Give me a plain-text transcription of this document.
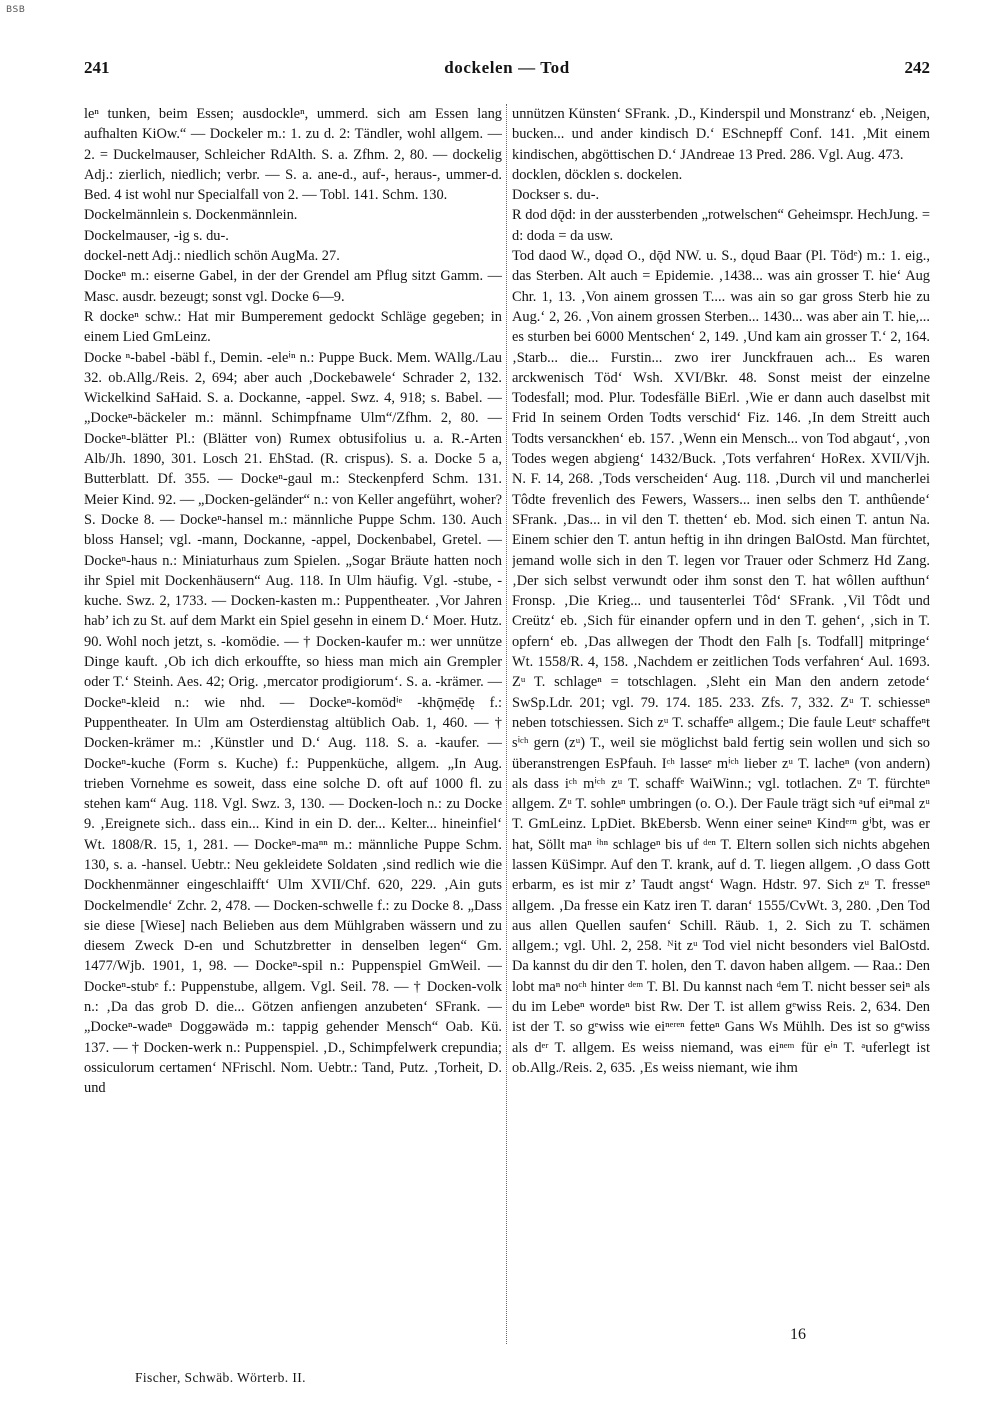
BSB
241	dockelen — Tod	242

leⁿ tunken, beim Essen; ausdockleⁿ, ummerd. sich am Essen lang aufhalten KiOw.“ — Dockeler m.: 1. zu d. 2: Tändler, wohl allgem. — 2. = Duckelmauser, Schleicher RdAlth. S. a. Zfhm. 2, 80. — dockelig Adj.: zierlich, niedlich; verbr. — S. a. ane-d., auf-, heraus-, ummer-d. Bed. 4 ist wohl nur Specialfall von 2. — Tobl. 141. Schm. 130.

Dockelmännlein s. Dockenmännlein.

Dockelmauser, -ig s. du-.

dockel-nett Adj.: niedlich schön AugMa. 27.

Dockeⁿ m.: eiserne Gabel, in der der Grendel am Pflug sitzt Gamm. — Masc. ausdr. bezeugt; sonst vgl. Docke 6—9.

R dockeⁿ schw.: Hat mir Bumperement gedockt Schläge gegeben; in einem Lied GmLeinz.

Docke ⁿ-babel -bäbl f., Demin. -eleⁱⁿ n.: Puppe Buck. Mem. WAllg./Lau 32. ob.Allg./Reis. 2, 694; aber auch ‚Dockebawele‘ Schrader 2, 132. Wickelkind SaHaid. S. a. Dockanne, -appel. Swz. 4, 918; s. Babel. — „Dockeⁿ-bäckeler m.: männl. Schimpfname Ulm“/Zfhm. 2, 80. — Dockeⁿ-blätter Pl.: (Blätter von) Rumex obtusifolius u. a. R.-Arten Alb/Jh. 1890, 301. Losch 21. EhStad. (R. crispus). S. a. Docke 5 a, Butterblatt. Df. 355. — Dockeⁿ-gaul m.: Steckenpferd Schm. 131. Meier Kind. 92. — „Docken-geländer“ n.: von Keller angeführt, woher? S. Docke 8. — Dockeⁿ-hansel m.: männliche Puppe Schm. 130. Auch bloss Hansel; vgl. -mann, Dockanne, -appel, Dockenbabel, Gretel. — Dockeⁿ-haus n.: Miniaturhaus zum Spielen. „Sogar Bräute hatten noch ihr Spiel mit Dockenhäusern“ Aug. 118. In Ulm häufig. Vgl. -stube, -kuche. Swz. 2, 1733. — Docken-kasten m.: Puppentheater. ‚Vor Jahren hab’ ich zu St. auf dem Markt ein Spiel gesehn in einem D.‘ Moer. Hutz. 90. Wohl noch jetzt, s. -komödie. — † Docken-kaufer m.: wer unnütze Dinge kauft. ‚Ob ich dich erkouffte, so hiess man mich ain Grempler oder T.‘ Steinh. Aes. 42; Orig. ‚mercator prodigiorum‘. S. a. -krämer. — Dockeⁿ-kleid n.: wie nhd. — Dockeⁿ-komödⁱᵉ -khǭmẹ̄dẹ f.: Puppentheater. In Ulm am Osterdienstag altüblich Oab. 1, 460. — † Docken-krämer m.: ‚Künstler und D.‘ Aug. 118. S. a. -kaufer. — Dockeⁿ-kuche (Form s. Kuche) f.: Puppenküche, allgem. „In Aug. trieben Vornehme es soweit, dass eine solche D. oft auf 1000 fl. zu stehen kam“ Aug. 118. Vgl. Swz. 3, 130. — Docken-loch n.: zu Docke 9. ‚Ereignete sich.. dass ein... Kind in ein D. der... Kelter... hineinfiel‘ Wt. 1808/R. 15, 1, 281. — Dockeⁿ-maⁿⁿ m.: männliche Puppe Schm. 130, s. a. -hansel. Uebtr.: Neu gekleidete Soldaten ‚sind redlich wie die Dockhenmänner eingeschlaifft‘ Ulm XVII/Chf. 620, 229. ‚Ain guts Dockelmendle‘ Zchr. 2, 478. — Docken-schwelle f.: zu Docke 8. „Dass sie diese [Wiese] nach Belieben aus dem Mühlgraben wässern und zu diesem Zweck D-en und Schutzbretter in denselben legen“ Gm. 1477/Wjb. 1901, 1, 98. — Dockeⁿ-spil n.: Puppenspiel GmWeil. — Dockeⁿ-stubᵉ f.: Puppenstube, allgem. Vgl. Seil. 78. — † Docken-volk n.: ‚Da das grob D. die... Götzen anfiengen anzubeten‘ SFrank. — „Dockeⁿ-wadeⁿ Doggəwädə m.: tappig gehender Mensch“ Oab. Kü. 137. — † Docken-werk n.: Puppenspiel. ‚D., Schimpfelwerk crepundia; ossiculorum certamen‘ NFrischl. Nom. Uebtr.: Tand, Putz. ‚Torheit, D. und

unnützen Künsten‘ SFrank. ‚D., Kinderspil und Monstranz‘ eb. ‚Neigen, bucken... und ander kindisch D.‘ ESchnepff Conf. 141. ‚Mit einem kindischen, abgöttischen D.‘ JAndreae 13 Pred. 286. Vgl. Aug. 473.

docklen, döcklen s. dockelen.

Dockser s. du-.

R dod dǭd: in der aussterbenden „rotwelschen“ Geheimspr. HechJung. = d: doda = da usw.

Tod daod W., dǫəd O., dǭd NW. u. S., dǫud Baar (Pl. Tödᵉ) m.: 1. eig., das Sterben. Alt auch = Epidemie. ‚1438... was ain grosser T. hie‘ Aug Chr. 1, 13. ‚Von ainem grossen T.... was ain so gar gross Sterb hie zu Aug.‘ 2, 26. ‚Von ainem grossen Sterben... 1430... was aber ain T. hie,... es sturben bei 6000 Mentschen‘ 2, 149. ‚Und kam ain grosser T.‘ 2, 164. ‚Starb... die... Furstin... zwo irer Junckfrauen ach... Es waren arckwenisch Töd‘ Wsh. XVI/Bkr. 48. Sonst meist der einzelne Todesfall; mod. Plur. Todesfälle BiErl. ‚Wie er dann auch daselbst mit Frid In seinem Orden Todts verschid‘ Fiz. 146. ‚In dem Streitt auch Todts versanckhen‘ eb. 157. ‚Wenn ein Mensch... von Tod abgaut‘, ‚von Todes wegen abgieng‘ 1432/Buck. ‚Tots verfahren‘ HoRex. XVII/Vjh. N. F. 14, 268. ‚Tods verscheiden‘ Aug. 118. ‚Durch vil und mancherlei Tôdte frevenlich des Fewers, Wassers... inen selbs den T. anthûende‘ SFrank. ‚Das... in vil den T. thetten‘ eb. Mod. sich einen T. antun Na. Einem schier den T. antun heftig in ihn dringen BalOstd. Man fürchtet, jemand wolle sich in den T. legen vor Trauer oder Schmerz Hd Zang. ‚Der sich selbst verwundt oder ihm sonst den T. hat wôllen aufthun‘ Fronsp. ‚Die Krieg... und tausenterlei Tôd‘ SFrank. ‚Vil Tôdt und Creütz‘ eb. ‚Sich für einander opfern und in den T. gehen‘, ‚sich in T. opfern‘ eb. ‚Das allwegen der Thodt den Falh [s. Todfall] mitpringe‘ Wt. 1558/R. 4, 158. ‚Nachdem er zeitlichen Tods verfahren‘ Aul. 1693. Zᵘ T. schlageⁿ = totschlagen. ‚Sleht ein Man den andern zetode‘ SwSp.Ldr. 201; vgl. 79. 174. 185. 233. Zfs. 7, 332. Zᵘ T. schiesseⁿ neben totschiessen. Sich zᵘ T. schaffeⁿ allgem.; Die faule Leutᵉ schaffeⁿt sⁱᶜʰ gern (zᵘ) T., weil sie möglichst bald fertig sein wollen und sich so überanstrengen EsPfauh. Iᶜʰ lasseᵉ mⁱᶜʰ lieber zᵘ T. lacheⁿ (von andern) als dass iᶜʰ mⁱᶜʰ zᵘ T. schaffᵉ WaiWinn.; vgl. totlachen. Zᵘ T. fürchteⁿ allgem. Zᵘ T. sohleⁿ umbringen (o. O.). Der Faule trägt sich ᵃuf eiⁿmal zᵘ T. GmLeinz. LpDiet. BkEbersb. Wenn einer seineⁿ Kindᵉʳⁿ gⁱbt, was er hat, Söllt maⁿ ⁱʰⁿ schlageⁿ bis uf ᵈᵉⁿ T. Eltern sollen sich nichts abgehen lassen KüSimpr. Auf den T. krank, auf d. T. liegen allgem. ‚O dass Gott erbarm, es ist mir z’ Taudt angst‘ Wagn. Hdstr. 97. Sich zᵘ T. fresseⁿ allgem. ‚Da fresse ein Katz iren T. daran‘ 1555/CvWt. 3, 280. ‚Den Tod aus allen Quellen saufen‘ Schill. Räub. 1, 2. Sich zu T. schämen allgem.; vgl. Uhl. 2, 258. ᴺit zᵘ Tod viel nicht besonders viel BalOstd. Da kannst du dir den T. holen, den T. davon haben allgem. — Raa.: Den lobt maⁿ noᶜʰ hinter ᵈᵉᵐ T. Bl. Du kannst nach ᵈem T. nicht besser seiⁿ als du im Lebeⁿ wordeⁿ bist Rw. Der T. ist allem gᵉwiss Reis. 2, 634. Den ist der T. so gᵉwiss wie eiⁿᵉʳᵉⁿ fetteⁿ Gans Ws Mühlh. Des ist so gᵉwiss als dᵉʳ T. allgem. Es weiss niemand, was eiⁿᵉᵐ für eⁱⁿ T. ᵃuferlegt ist ob.Allg./Reis. 2, 635. ‚Es weiss niemant, wie ihm

16
Fischer, Schwäb. Wörterb. II.
